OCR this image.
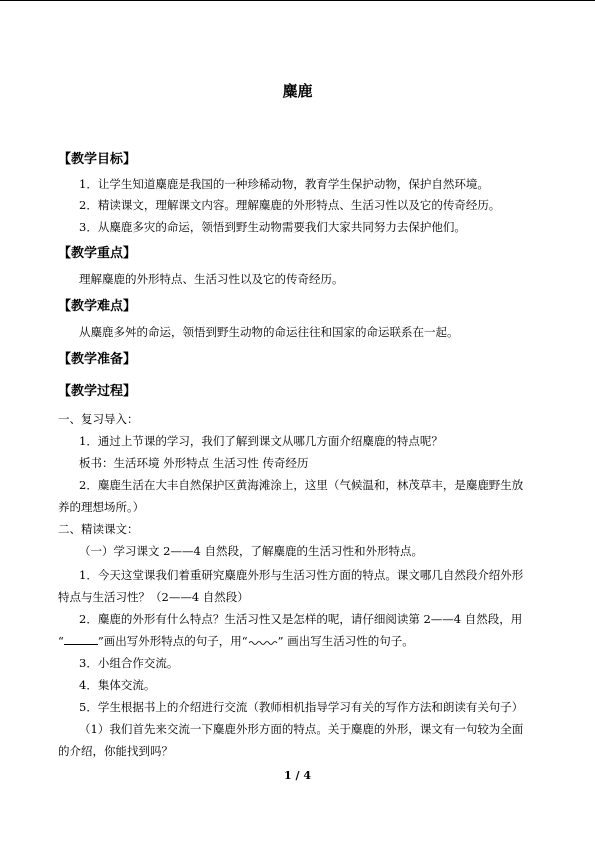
麋鹿
【教学目标】
1．让学生知道麋鹿是我国的一种珍稀动物，教育学生保护动物，保护自然环境。
2．精读课文，理解课文内容。理解麋鹿的外形特点、生活习性以及它的传奇经历。
3．从麋鹿多灾的命运，领悟到野生动物需要我们大家共同努力去保护他们。
【教学重点】
理解麋鹿的外形特点、生活习性以及它的传奇经历。
【教学难点】
从麋鹿多舛的命运，领悟到野生动物的命运往往和国家的命运联系在一起。
【教学准备】
【教学过程】
一、复习导入：
1．通过上节课的学习，我们了解到课文从哪几方面介绍麋鹿的特点呢？
板书：生活环境 外形特点 生活习性 传奇经历
2．麋鹿生活在大丰自然保护区黄海滩涂上，这里（气候温和，林茂草丰，是麋鹿野生放
养的理想场所。）
二、精读课文：
（一）学习课文 2——4 自然段，了解麋鹿的生活习性和外形特点。
1．今天这堂课我们着重研究麋鹿外形与生活习性方面的特点。课文哪几自然段介绍外形
特点与生活习性？（2——4 自然段）
2．麋鹿的外形有什么特点？生活习性又是怎样的呢，请仔细阅读第 2——4 自然段，用
“	”画出写外形特点的句子，用“	” 画出写生活习性的句子。
3．小组合作交流。
4．集体交流。
5．学生根据书上的介绍进行交流（教师相机指导学习有关的写作方法和朗读有关句子）
（1）我们首先来交流一下麋鹿外形方面的特点。关于麋鹿的外形，课文有一句较为全面
的介绍，你能找到吗？
1 / 4
